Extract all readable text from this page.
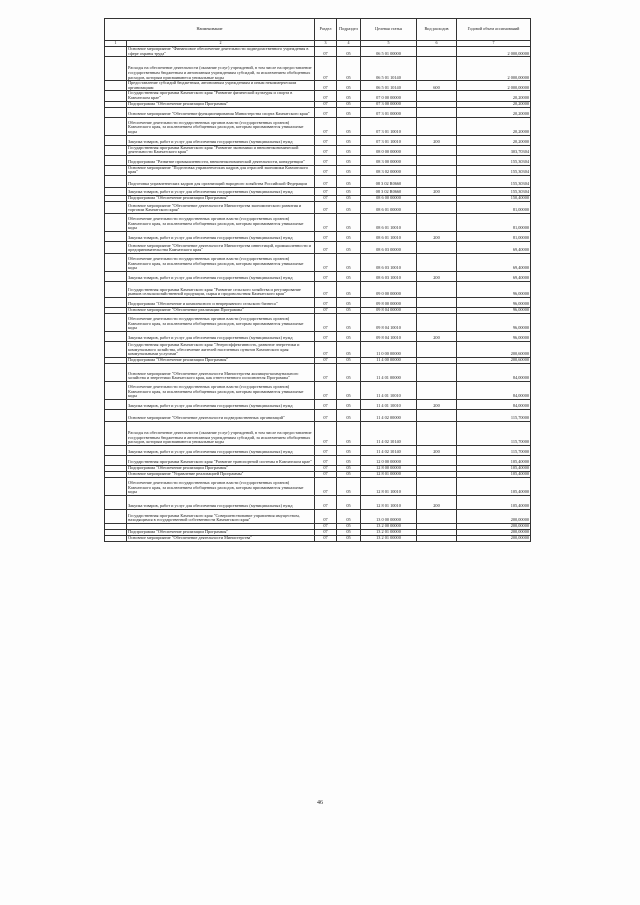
Наименование		Раздел	Подраздел	Целевая статья	Вид расходов	Годовой объем ассигнований
1	2	3	4	5	6	7
	Основное мероприятие "Финансовое обеспечение деятельности подведомственного учреждения в сфере охраны труда"	07	05	06 5 01 00000		2 000,00000
	Расходы на обеспечение деятельности (оказание услуг) учреждений, в том числе на предоставление государственным бюджетным и автономным учреждениям субсидий, за исключением обобщенных расходов, которым присваиваются уникальные коды	07	05	06 5 01 10140		2 000,00000
	Предоставление субсидий бюджетным, автономным учреждениям и иным некоммерческим организациям	07	05	06 5 01 10140	600	2 000,00000
	Государственная программа Камчатского края "Развитие физической культуры и спорта в Камчатском крае"	07	05	07 0 00 00000		20,20000
	Подпрограмма "Обеспечение реализации Программы"	07	05	07 3 00 00000		20,20000
	Основное мероприятие "Обеспечение функционирования Министерства спорта Камчатского края"	07	05	07 3 01 00000		20,20000
	Обеспечение деятельности государственных органов власти (государственных органов) Камчатского края, за исключением обобщенных расходов, которым присваиваются уникальные коды	07	05	07 3 01 10010		20,20000
	Закупка товаров, работ и услуг для обеспечения государственных (муниципальных) нужд	07	05	07 3 01 10010	200	20,20000
	Государственная программа Камчатского края "Развитие экономики и внешнеэкономической деятельности Камчатского края"	07	05	08 0 00 00000		303,70304
	Подпрограмма "Развитие промышленности, внешнеэкономической деятельности, конкуренции"	07	05	08 3 00 00000		155,30304
	Основное мероприятие "Подготовка управленческих кадров для отраслей экономики Камчатского края"	07	05	08 3 02 00000		155,30304
	Подготовка управленческих кадров для организаций народного хозяйства Российской Федерации	07	05	08 3 02 R0660		155,30304
	Закупка товаров, работ и услуг для обеспечения государственных (муниципальных) нужд	07	05	08 3 02 R0660	200	155,30304
	Подпрограмма "Обеспечение реализации Программы"	07	05	08 6 00 00000		150,40000
	Основное мероприятие "Обеспечение деятельности Министерства экономического развития и торговли Камчатского края"	07	05	08 6 01 00000		81,00000
	Обеспечение деятельности государственных органов власти (государственных органов) Камчатского края, за исключением обобщенных расходов, которым присваиваются уникальные коды	07	05	08 6 01 10010		81,00000
	Закупка товаров, работ и услуг для обеспечения государственных (муниципальных) нужд	07	05	08 6 01 10010	200	81,00000
	Основное мероприятие "Обеспечение деятельности Министерства инвестиций, промышленности и предпринимательства Камчатского края"	07	05	08 6 03 00000		69,40000
	Обеспечение деятельности государственных органов власти (государственных органов) Камчатского края, за исключением обобщенных расходов, которым присваиваются уникальные коды	07	05	08 6 03 10010		69,40000
	Закупка товаров, работ и услуг для обеспечения государственных (муниципальных) нужд	07	05	08 6 03 10010	200	69,40000
	Государственная программа Камчатского края "Развитие сельского хозяйства и регулирование рынков сельскохозяйственной продукции, сырья и продовольствия Камчатского края"	07	05	09 0 00 00000		96,00000
	Подпрограмма "Обеспечение и комплексного и непрерывного сельского бизнеса"	07	05	09 8 00 00000		96,00000
	Основное мероприятие "Обеспечение реализации Программы"	07	05	09 8 04 00000		96,00000
	Обеспечение деятельности государственных органов власти (государственных органов) Камчатского края, за исключением обобщенных расходов, которым присваиваются уникальные коды	07	05	09 8 04 10010		96,00000
	Закупка товаров, работ и услуг для обеспечения государственных (муниципальных) нужд	07	05	09 8 04 10010	200	96,00000
	Государственная программа Камчатского края "Энергоэффективность, развитие энергетики и коммунального хозяйства, обеспечение жителей населенных пунктов Камчатского края коммунальными услугами"	07	05	11 0 00 00000		200,60000
	Подпрограмма "Обеспечение реализации Программы"	07	05	11 4 00 00000		200,60000
	Основное мероприятие "Обеспечение деятельности Министерства жилищно-коммунального хозяйства и энергетики Камчатского края, как ответственного исполнителя Программы"	07	05	11 4 01 00000		84,00000
	Обеспечение деятельности государственных органов власти (государственных органов) Камчатского края, за исключением обобщенных расходов, которым присваиваются уникальные коды	07	05	11 4 01 10010		84,00000
	Закупка товаров, работ и услуг для обеспечения государственных (муниципальных) нужд	07	05	11 4 01 10010	200	84,00000
	Основное мероприятие "Обеспечение деятельности подведомственных организаций"	07	05	11 4 02 00000		115,70000
	Расходы на обеспечение деятельности (оказание услуг) учреждений, в том числе на предоставление государственным бюджетным и автономным учреждениям субсидий, за исключением обобщенных расходов, которым присваиваются уникальные коды	07	05	11 4 02 10140		115,70000
	Закупка товаров, работ и услуг для обеспечения государственных (муниципальных) нужд	07	05	11 4 02 10140	200	115,70000
	Государственная программа Камчатского края "Развитие транспортной системы в Камчатском крае"	07	05	12 0 00 00000		105,40000
	Подпрограмма "Обеспечение реализации Программы"	07	05	12 8 00 00000		105,40000
	Основное мероприятие "Управление реализацией Программы"	07	05	12 8 01 00000		105,40000
	Обеспечение деятельности государственных органов власти (государственных органов) Камчатского края, за исключением обобщенных расходов, которым присваиваются уникальные коды	07	05	12 8 01 10010		105,40000
	Закупка товаров, работ и услуг для обеспечения государственных (муниципальных) нужд	07	05	12 8 01 10010	200	105,40000
	Государственная программа Камчатского края "Совершенствование управления имуществом, находящимся в государственной собственности Камчатского края"	07	05	13 0 00 00000		200,00000
		07	05	13 2 00 00000		200,00000
	Подпрограмма "Обеспечение реализации Программы"	07	05	13 2 01 00000		200,00000
	Основное мероприятие "Обеспечение деятельности Министерства"	07	05	13 2 01 00000		200,00000
46
